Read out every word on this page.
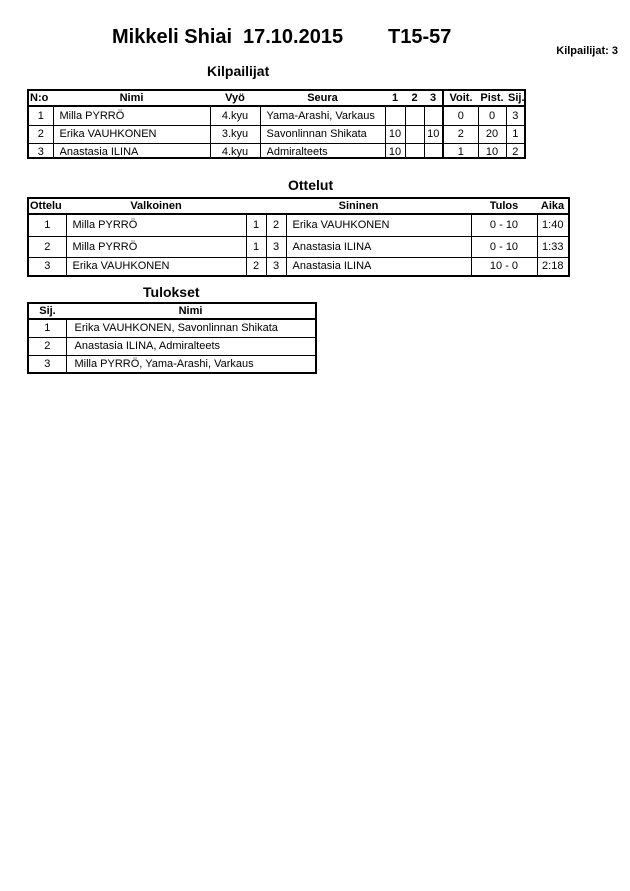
Mikkeli Shiai 17.10.2015 T15-57
Kilpailijat: 3
Kilpailijat
N:o	Nimi	Vyö	Seura	1	2	3	Voit.	Pist.	Sij.
1	Milla PYRRÖ	4.kyu	Yama-Arashi, Varkaus				0	0	3
2	Erika VAUHKONEN	3.kyu	Savonlinnan Shikata	10		10	2	20	1

3	Anastasia ILINA	4.kyu	Admiralteets	10			1	10	2
Ottelut
Ottelu	Valkoinen	Sininen			Tulos	Aika
1	Milla PYRRÖ	1	2	Erika VAUHKONEN	0 - 10	1:40
2	Milla PYRRÖ	1	3	Anastasia ILINA	0 - 10	1:33
3	Erika VAUHKONEN	2	3	Anastasia ILINA	10 - 0	2:18
Tulokset
Sij.	Nimi
1	Erika VAUHKONEN, Savonlinnan Shikata
2	Anastasia ILINA, Admiralteets
3	Milla PYRRÖ, Yama-Arashi, Varkaus
